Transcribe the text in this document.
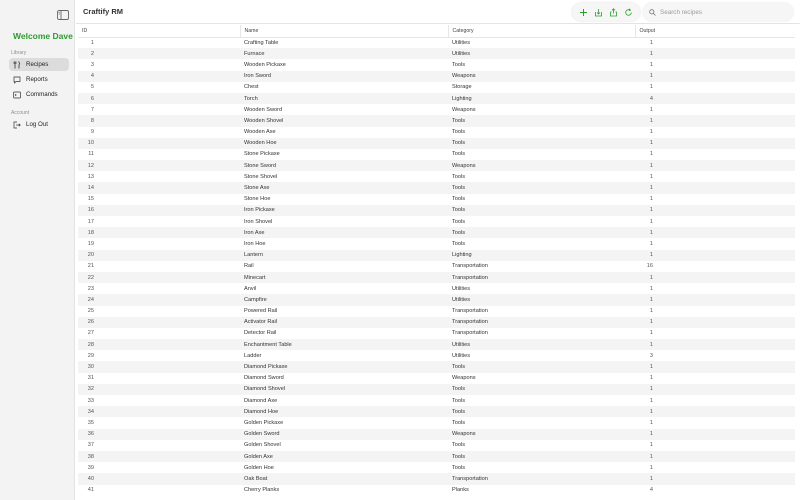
Welcome Dave
Library
Recipes
Reports
Commands
Account
Log Out
Craftify RM
Search recipes
ID	Name	Category	Output
1	Crafting Table	Utilities	1
2	Furnace	Utilities	1
3	Wooden Pickaxe	Tools	1
4	Iron Sword	Weapons	1
5	Chest	Storage	1
6	Torch	Lighting	4
7	Wooden Sword	Weapons	1
8	Wooden Shovel	Tools	1
9	Wooden Axe	Tools	1
10	Wooden Hoe	Tools	1
11	Stone Pickaxe	Tools	1
12	Stone Sword	Weapons	1
13	Stone Shovel	Tools	1
14	Stone Axe	Tools	1
15	Stone Hoe	Tools	1
16	Iron Pickaxe	Tools	1
17	Iron Shovel	Tools	1
18	Iron Axe	Tools	1
19	Iron Hoe	Tools	1
20	Lantern	Lighting	1
21	Rail	Transportation	16
22	Minecart	Transportation	1
23	Anvil	Utilities	1
24	Campfire	Utilities	1
25	Powered Rail	Transportation	1
26	Activator Rail	Transportation	1
27	Detector Rail	Transportation	1
28	Enchantment Table	Utilities	1
29	Ladder	Utilities	3
30	Diamond Pickaxe	Tools	1
31	Diamond Sword	Weapons	1
32	Diamond Shovel	Tools	1
33	Diamond Axe	Tools	1
34	Diamond Hoe	Tools	1
35	Golden Pickaxe	Tools	1
36	Golden Sword	Weapons	1
37	Golden Shovel	Tools	1
38	Golden Axe	Tools	1
39	Golden Hoe	Tools	1
40	Oak Boat	Transportation	1
41	Cherry Planks	Planks	4
